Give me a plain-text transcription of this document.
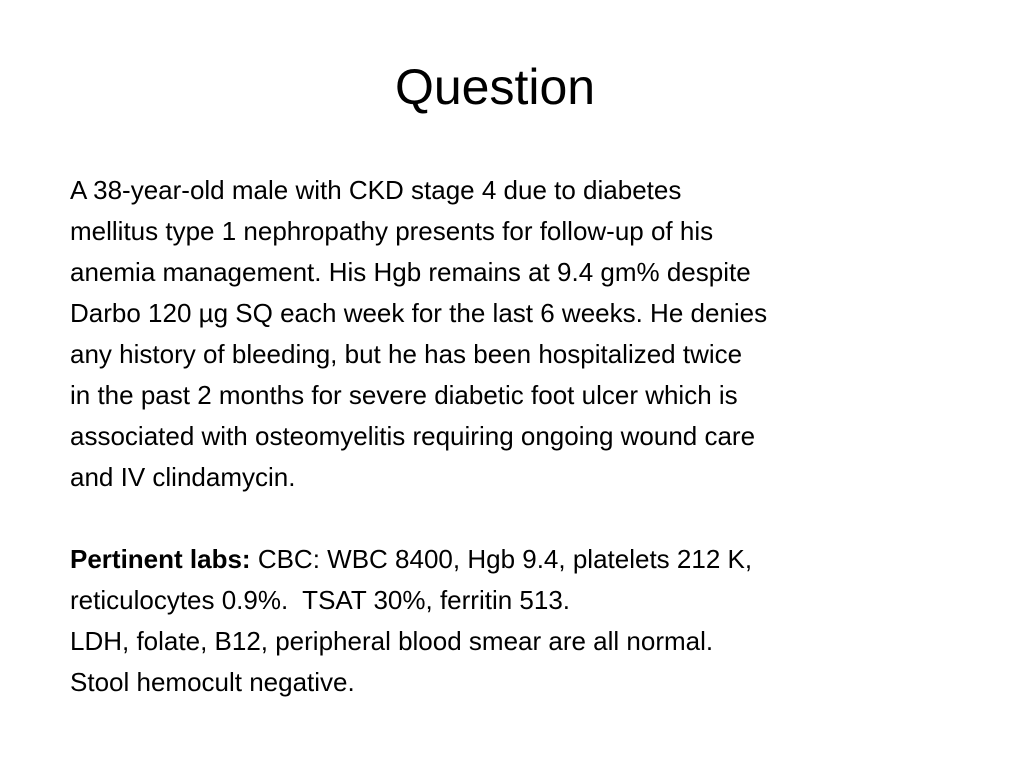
Question
A 38-year-old male with CKD stage 4 due to diabetes
mellitus type 1 nephropathy presents for follow-up of his
anemia management. His Hgb remains at 9.4 gm% despite
Darbo 120 µg SQ each week for the last 6 weeks. He denies
any history of bleeding, but he has been hospitalized twice
in the past 2 months for severe diabetic foot ulcer which is
associated with osteomyelitis requiring ongoing wound care
and IV clindamycin.
Pertinent labs: CBC: WBC 8400, Hgb 9.4, platelets 212 K,
reticulocytes 0.9%.  TSAT 30%, ferritin 513.
LDH, folate, B12, peripheral blood smear are all normal.
Stool hemocult negative.
